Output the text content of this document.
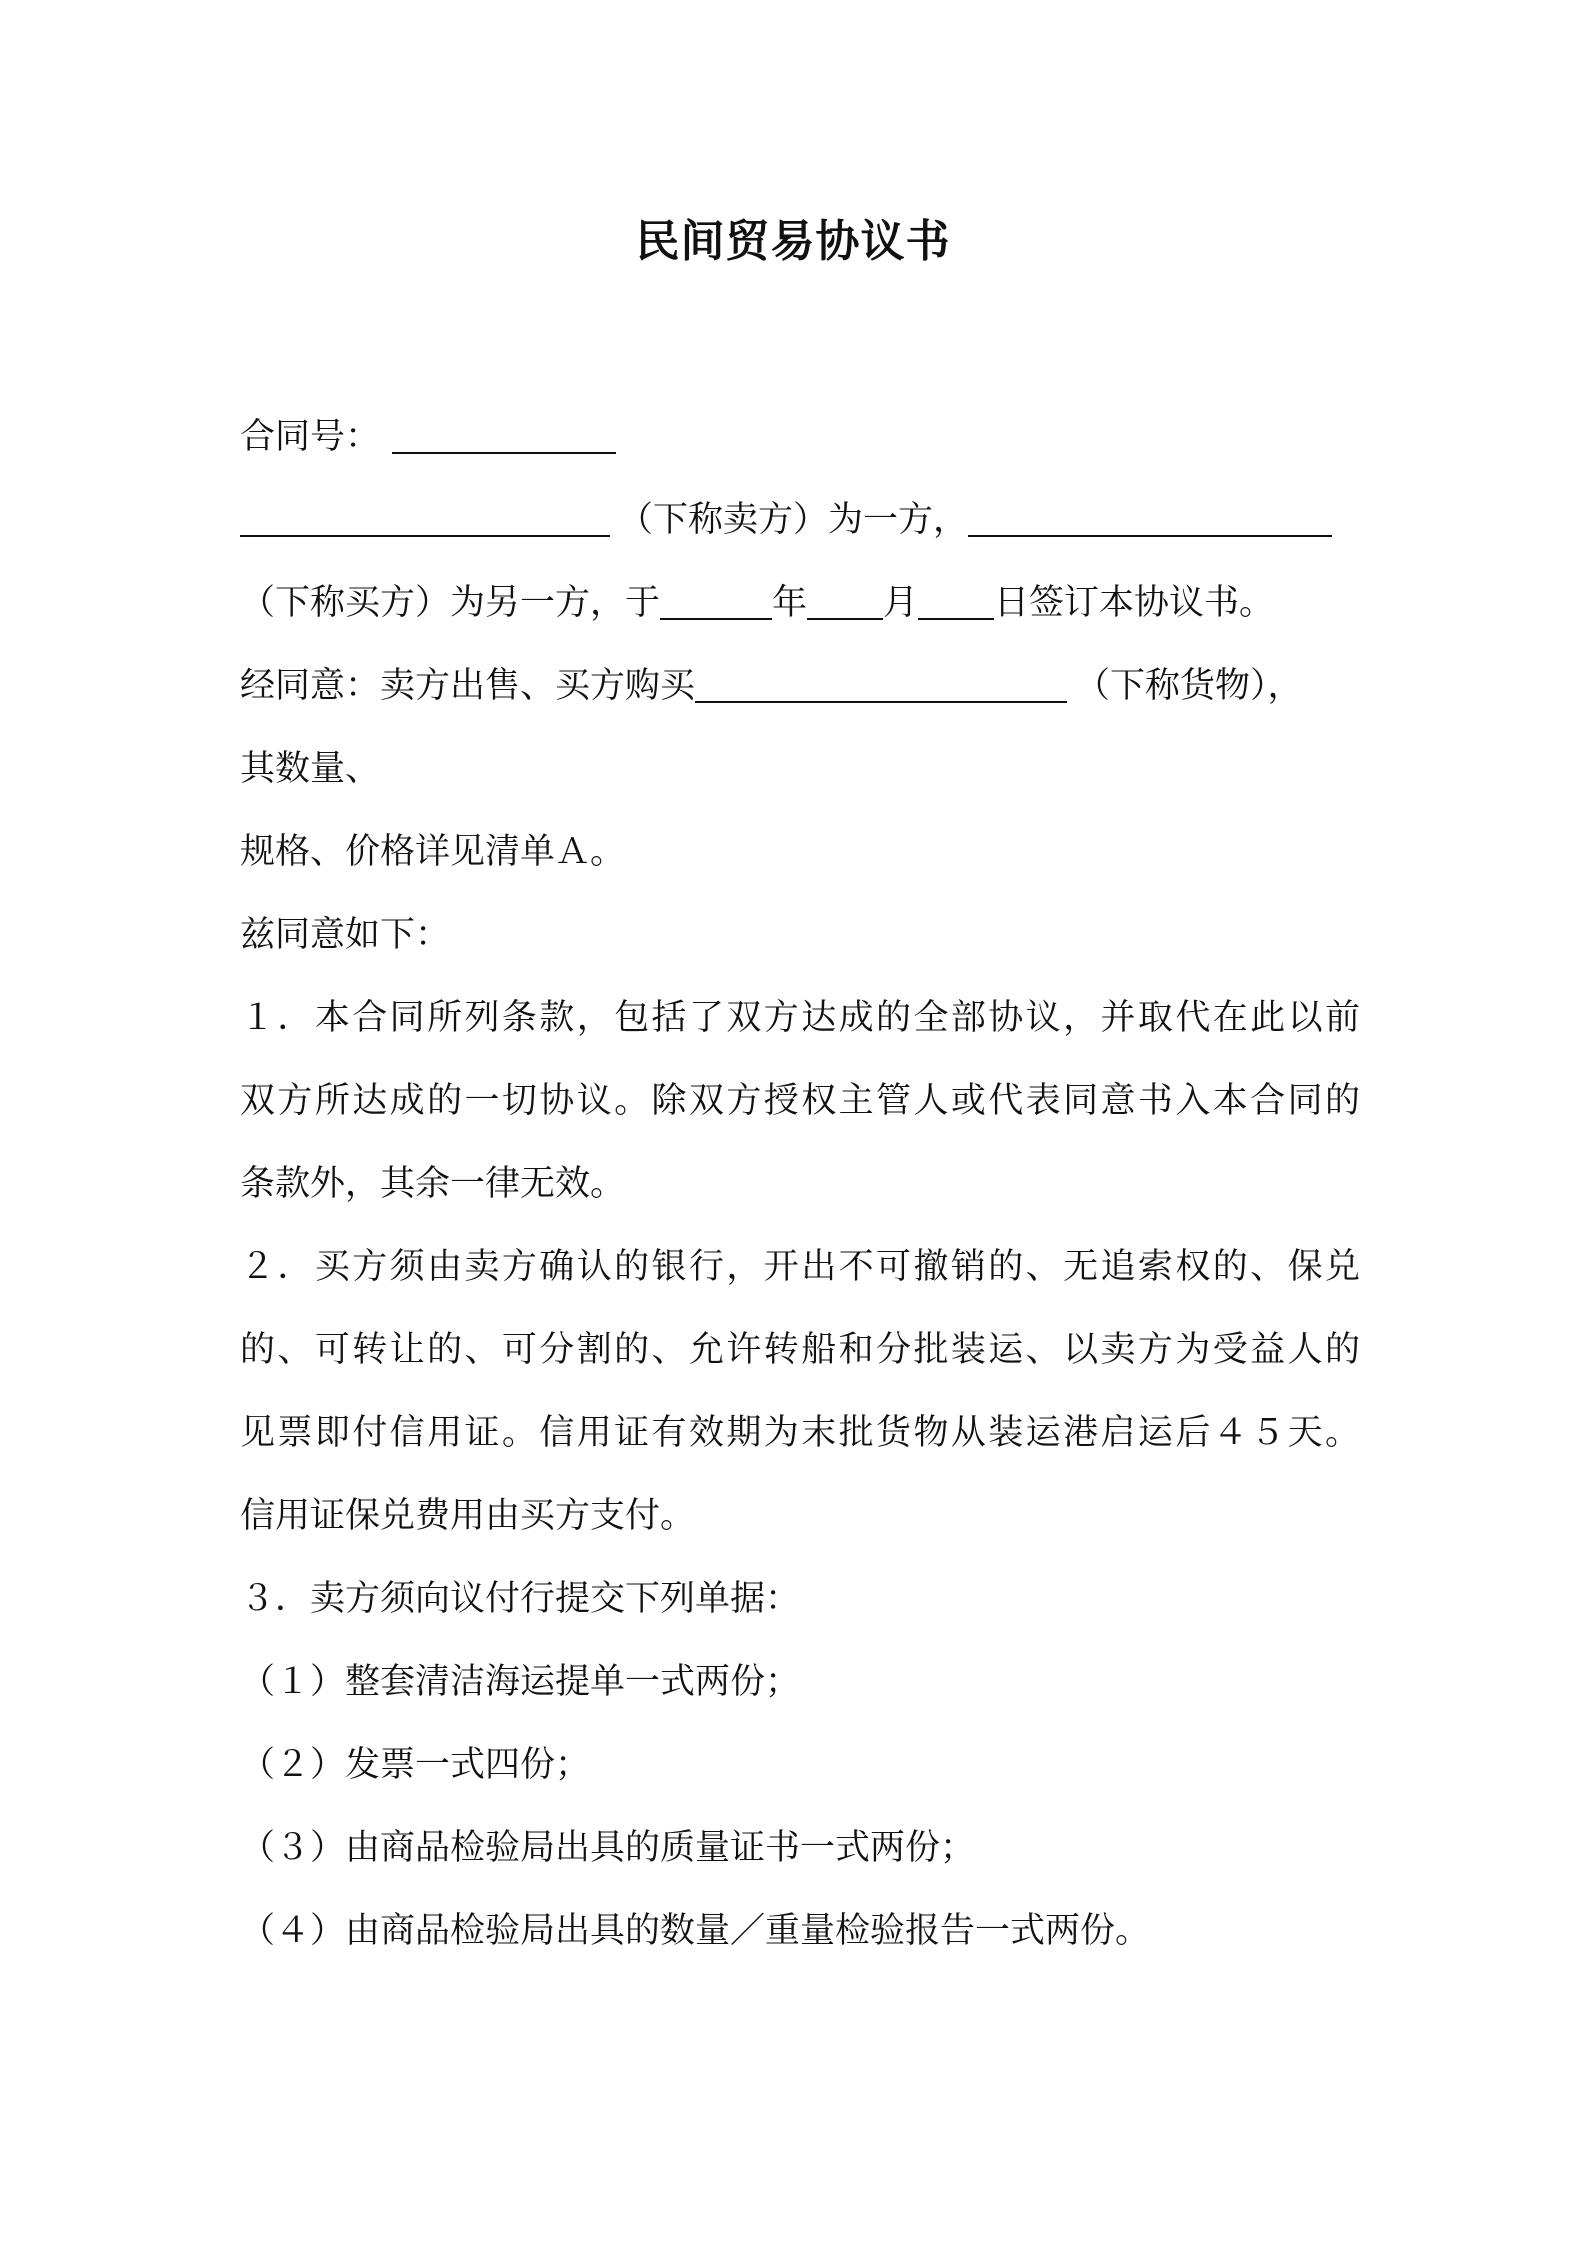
民间贸易协议书
合同号：
（下称卖方）为一方，
（下称买方）为另一方，于	年 月 日签订本协议书。
经同意：卖方出售、买方购买	（下称货物），
其数量、
规格、价格详见清单Ａ。
兹同意如下：
１．本合同所列条款，包括了双方达成的全部协议，并取代在此以前
双方所达成的一切协议。除双方授权主管人或代表同意书入本合同的
条款外，其余一律无效。
２．买方须由卖方确认的银行，开出不可撤销的、无追索权的、保兑
的、可转让的、可分割的、允许转船和分批装运、以卖方为受益人的
见票即付信用证。信用证有效期为末批货物从装运港启运后４５天。
信用证保兑费用由买方支付。
３．卖方须向议付行提交下列单据：
（１）整套清洁海运提单一式两份；
（２）发票一式四份；
（３）由商品检验局出具的质量证书一式两份；
（４）由商品检验局出具的数量／重量检验报告一式两份。
